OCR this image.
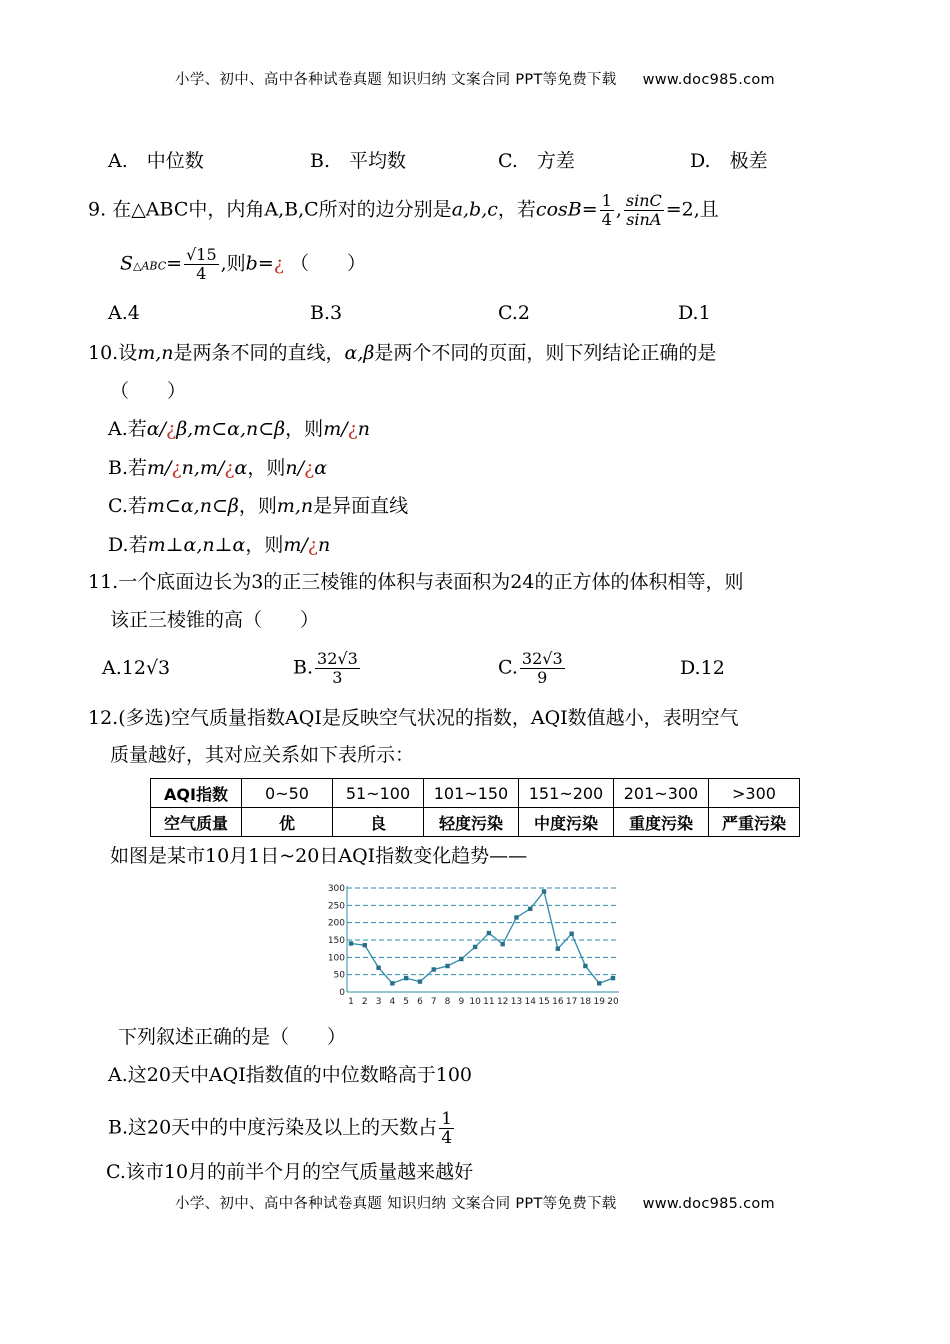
小学、初中、高中各种试卷真题 知识归纳 文案合同 PPT等免费下载 www.doc985.com
A.　中位数	B.　平均数	C.　方差	D.　极差
9. 在△ABC中，内角A,B,C所对的边分别是a,b,c，若$\cos B= \frac{1}{4}$ , $\frac{\sin C}{\sin A} =2$,且
S△ABC= $\frac{√15}{4}$ ,则b=¿ （　　）
A.4	B.3	C.2	D.1
10.设m,n是两条不同的直线，α,β是两个不同的页面，则下列结论正确的是
（　　）
A.若α/¿β,m⊂α,n⊂β，则m/¿n
B.若m/¿n,m/¿α，则n/¿α
C.若m⊂α,n⊂β，则m,n是异面直线
D.若m⊥α,n⊥α，则m/¿n
11.一个底面边长为3的正三棱锥的体积与表面积为24的正方体的体积相等，则
该正三棱锥的高（　　）
A.12√3	B. $\frac{32√3}{3}$	C. $\frac{32√3}{9}$	D.12
12.(多选)空气质量指数AQI是反映空气状况的指数，AQI数值越小，表明空气
质量越好，其对应关系如下表所示：
AQI指数	0~50	51~100	101~150	151~200	201~300	>300
空气质量	优	良	轻度污染	中度污染	重度污染	严重污染
如图是某市10月1日~20日AQI指数变化趋势——
0
50
100
150
200
250
300
1 2 3 4 5 6 7 8 9 10 11 12 13 14 15 16 17 18 19 20
下列叙述正确的是（　　）
A.这20天中AQI指数值的中位数略高于100
B.这20天中的中度污染及以上的天数占 $\frac{1}{4}$
C.该市10月的前半个月的空气质量越来越好
小学、初中、高中各种试卷真题 知识归纳 文案合同 PPT等免费下载 www.doc985.com
